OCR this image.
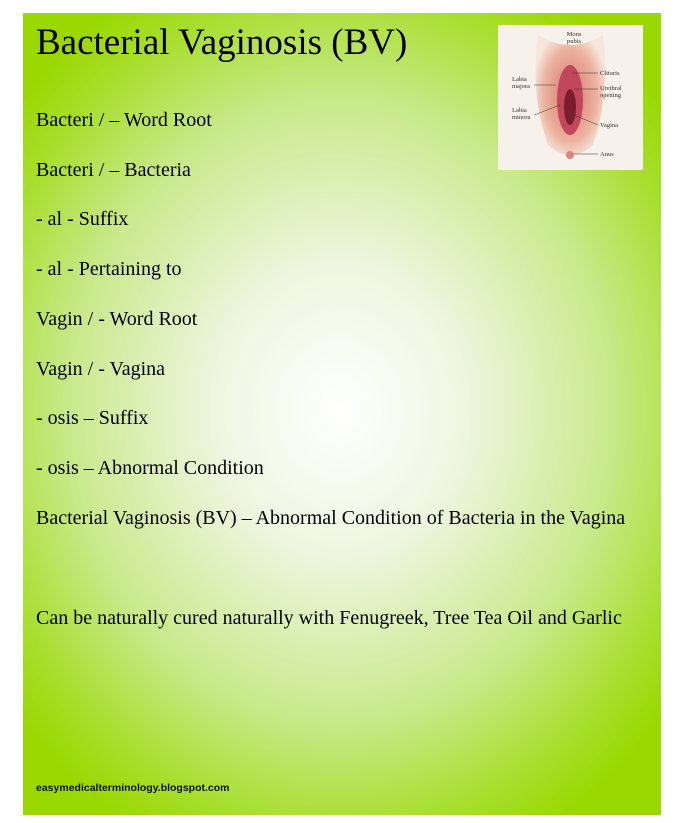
Bacterial Vaginosis (BV)
Bacteri / – Word Root
Bacteri / – Bacteria
- al - Suffix
- al - Pertaining to
Vagin / - Word Root
Vagin / - Vagina
- osis – Suffix
- osis – Abnormal Condition
Bacterial Vaginosis (BV) – Abnormal Condition of Bacteria in the Vagina
Can be naturally cured naturally with Fenugreek, Tree Tea Oil and Garlic
Mons pubis
Labia majora
Labia minora
Clitoris
Urethral opening
Vagina
Anus
easymedicalterminology.blogspot.com
